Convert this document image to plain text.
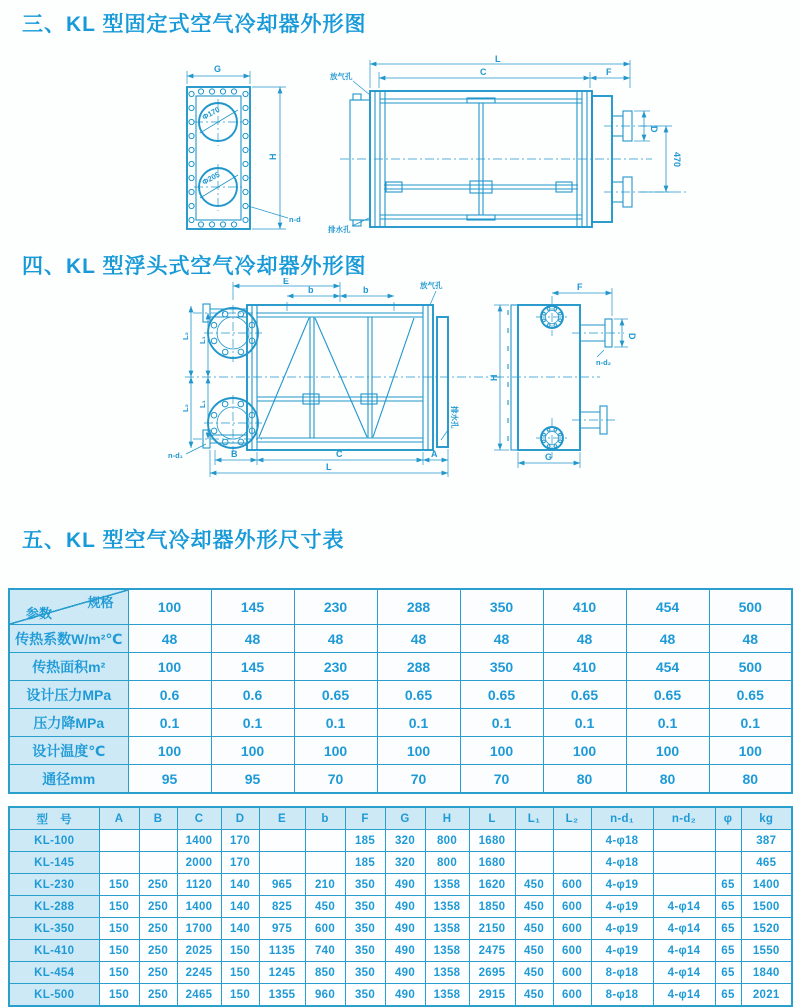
三、KL 型固定式空气冷却器外形图
Φ170
Φ205
G
H
n-d
L
C	F
D
470
放气孔
排水孔
四、KL 型浮头式空气冷却器外形图
n-d₁
L₂
L₂
L₁
L₁
E
b	b	放气孔
排水孔
B	C	A
L
n-d₂
D
F
H
G
五、KL 型空气冷却器外形尺寸表
规格
参数	100	145	230	288	350	410	454	500
传热系数W/m²℃	48	48	48	48	48	48	48	48
传热面积m²	100	145	230	288	350	410	454	500
设计压力MPa	0.6	0.6	0.65	0.65	0.65	0.65	0.65	0.65
压力降MPa	0.1	0.1	0.1	0.1	0.1	0.1	0.1	0.1
设计温度℃	100	100	100	100	100	100	100	100
通径mm	95	95	70	70	70	80	80	80
型　号	A	B	C	D	E	b	F	G	H	L	L₁	L₂	n-d₁	n-d₂	φ	kg
KL-100			1400	170			185	320	800	1680			4-φ18			387
KL-145			2000	170			185	320	800	1680			4-φ18			465
KL-230	150	250	1120	140	965	210	350	490	1358	1620	450	600	4-φ19		65	1400
KL-288	150	250	1400	140	825	450	350	490	1358	1850	450	600	4-φ19	4-φ14	65	1500
KL-350	150	250	1700	140	975	600	350	490	1358	2150	450	600	4-φ19	4-φ14	65	1520
KL-410	150	250	2025	150	1135	740	350	490	1358	2475	450	600	4-φ19	4-φ14	65	1550
KL-454	150	250	2245	150	1245	850	350	490	1358	2695	450	600	8-φ18	4-φ14	65	1840
KL-500	150	250	2465	150	1355	960	350	490	1358	2915	450	600	8-φ18	4-φ14	65	2021
